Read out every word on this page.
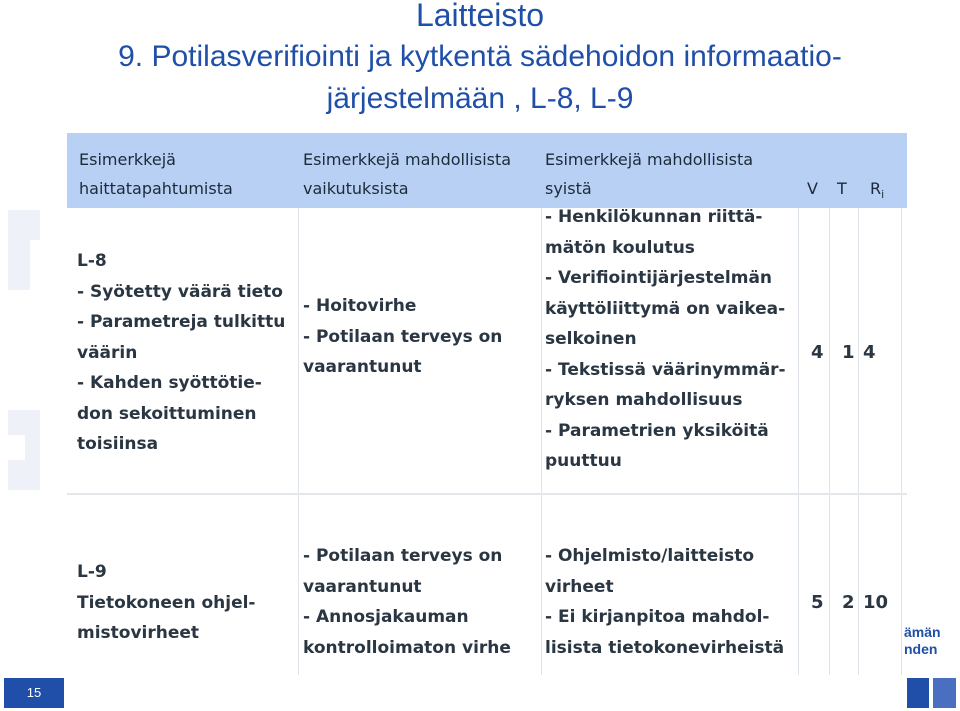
Laitteisto
9. Potilasverifiointi ja kytkentä sädehoidon informaatio-
järjestelmään , L-8, L-9
Esimerkkejä
haittatapahtumista
Esimerkkejä mahdollisista
vaikutuksista
Esimerkkejä mahdollisista
syistä	V T $R_i$
L-8
- Syötetty väärä tieto
- Parametreja tulkittu
väärin
- Kahden syöttötie-
don sekoittuminen
toisiinsa
- Hoitovirhe
- Potilaan terveys on
vaarantunut
- Henkilökunnan riittä-
mätön koulutus
- Verifiointijärjestelmän
käyttöliittymä on vaikea-
selkoinen
- Tekstissä väärinymmär-
ryksen mahdollisuus
- Parametrien yksiköitä
puuttuu
4 1 4
L-9
Tietokoneen ohjel-
mistovirheet
- Potilaan terveys on
vaarantunut
- Annosjakauman
kontrolloimaton virhe
- Ohjelmisto/laitteisto
virheet
- Ei kirjanpitoa mahdol-
lisista tietokonevirheistä
5 2 10
ämän
nden
15
